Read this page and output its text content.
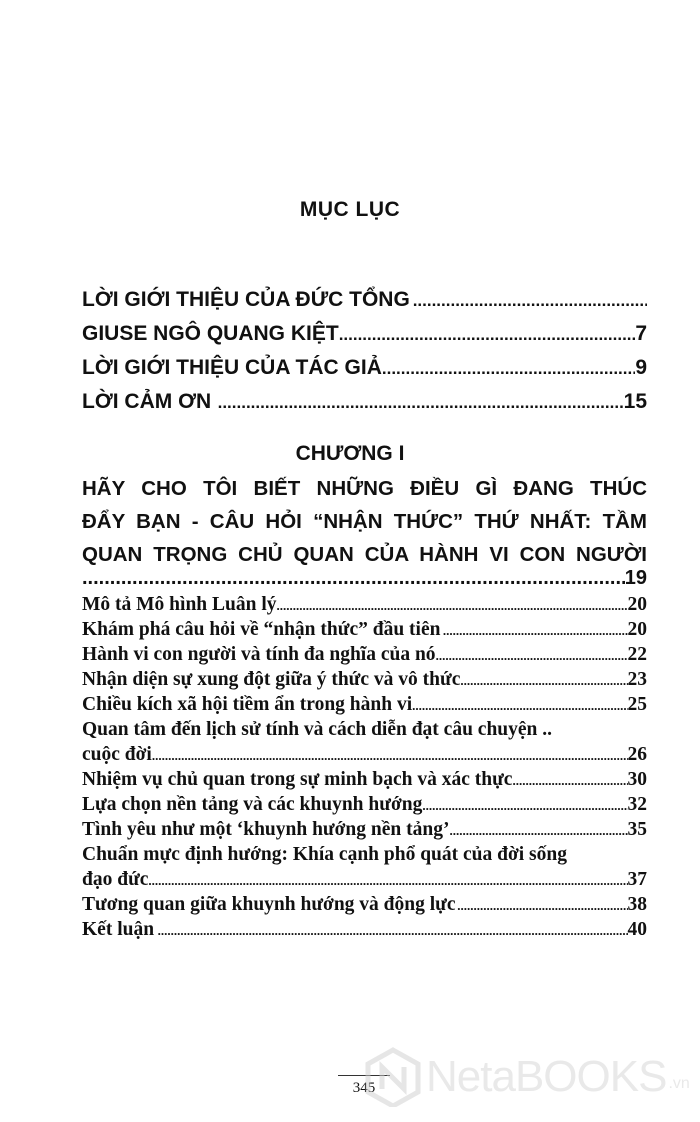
MỤC LỤC
LỜI GIỚI THIỆU CỦA ĐỨC TỔNG
.....
GIUSE NGÔ QUANG KIỆT .....	7
LỜI GIỚI THIỆU CỦA TÁC GIẢ .....	9
LỜI CẢM ƠN .....	15
CHƯƠNG I
HÃY CHO TÔI BIẾT NHỮNG ĐIỀU GÌ ĐANG THÚC
ĐẨY BẠN - CÂU HỎI “NHẬN THỨC” THỨ NHẤT: TẦM
QUAN TRỌNG CHỦ QUAN CỦA HÀNH VI CON NGƯỜI
.....
19
Mô tả Mô hình Luân lý .....	20
Khám phá câu hỏi về “nhận thức” đầu tiên .....	20
Hành vi con người và tính đa nghĩa của nó .....	22
Nhận diện sự xung đột giữa ý thức và vô thức .....	23
Chiều kích xã hội tiềm ẩn trong hành vi .....	25
Quan tâm đến lịch sử tính và cách diễn đạt câu chuyện ..
cuộc đời .....	26
Nhiệm vụ chủ quan trong sự minh bạch và xác thực .....	30
Lựa chọn nền tảng và các khuynh hướng .....	32
Tình yêu như một ‘khuynh hướng nền tảng’ .....	35
Chuẩn mực định hướng: Khía cạnh phổ quát của đời sống
đạo đức .....	37
Tương quan giữa khuynh hướng và động lực .....	38
Kết luận .....	40
345	NetaBOOKS .vn
